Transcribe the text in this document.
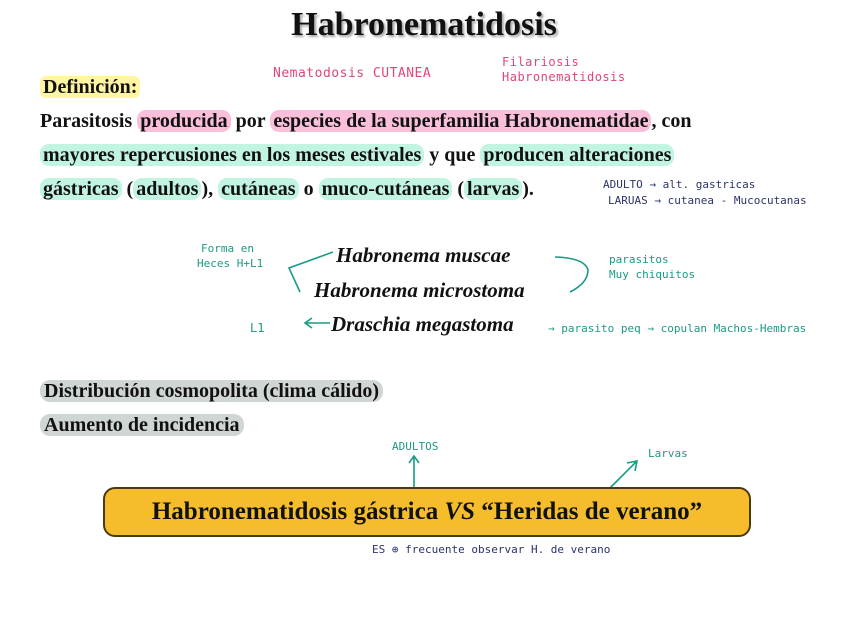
Habronematidosis
Nematodosis CUTANEA
Filariosis
Habronematidosis
Definición:
Parasitosis producida por especies de la superfamilia Habronematidae , con
mayores repercusiones en los meses estivales y que producen alteraciones
gástricas ( adultos ), cutáneas o muco-cutáneas ( larvas ).	ADULTO → alt. gastricas
LARUAS → cutanea - Mucocutanas
Habronema muscae
Habronema microstoma
Draschia megastoma
Forma en
Heces H+L1	parasitos
Muy chiquitos
L1	→ parasito peq → copulan Machos-Hembras
Distribución cosmopolita (clima cálido)
Aumento de incidencia
ADULTOS
Larvas
Habronematidosis gástrica VS “Heridas de verano”
ES ⊕ frecuente observar H. de verano
